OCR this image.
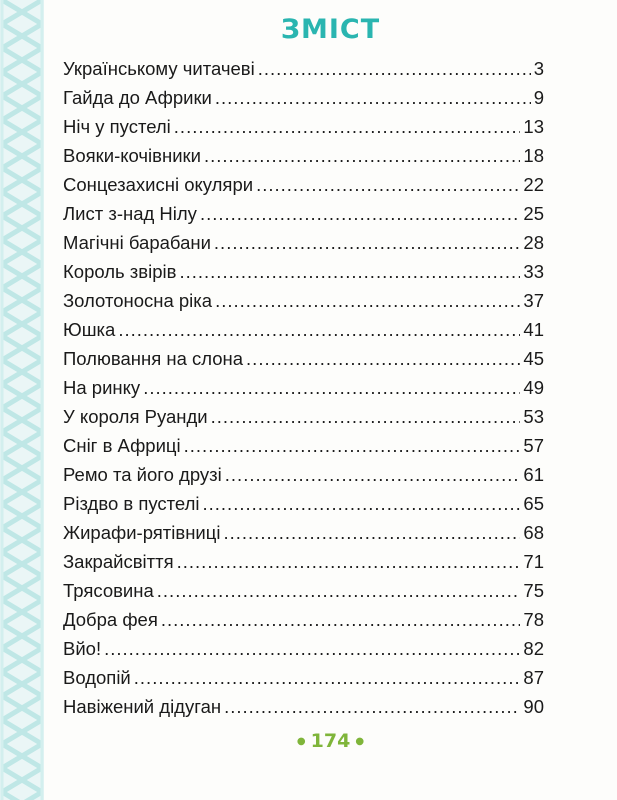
ЗМІСТ
Українському читачеві .....	3
Гайда до Африки .....	9
Ніч у пустелі .....	13
Вояки-кочівники .....	18
Сонцезахисні окуляри .....	22
Лист з-над Нілу .....	25
Магічні барабани .....	28
Король звірів .....	33
Золотоносна ріка .....	37
Юшка .....	41
Полювання на слона .....	45
На ринку .....	49
У короля Руанди .....	53
Сніг в Африці .....	57
Ремо та його друзі .....	61
Різдво в пустелі .....	65
Жирафи-рятівниці .....	68
Закрайсвіття .....	71
Трясовина .....	75
Добра фея .....	78
Вйо! .....	82
Водопій .....	87
Навіжений дідуган .....	90
● 174 ●
